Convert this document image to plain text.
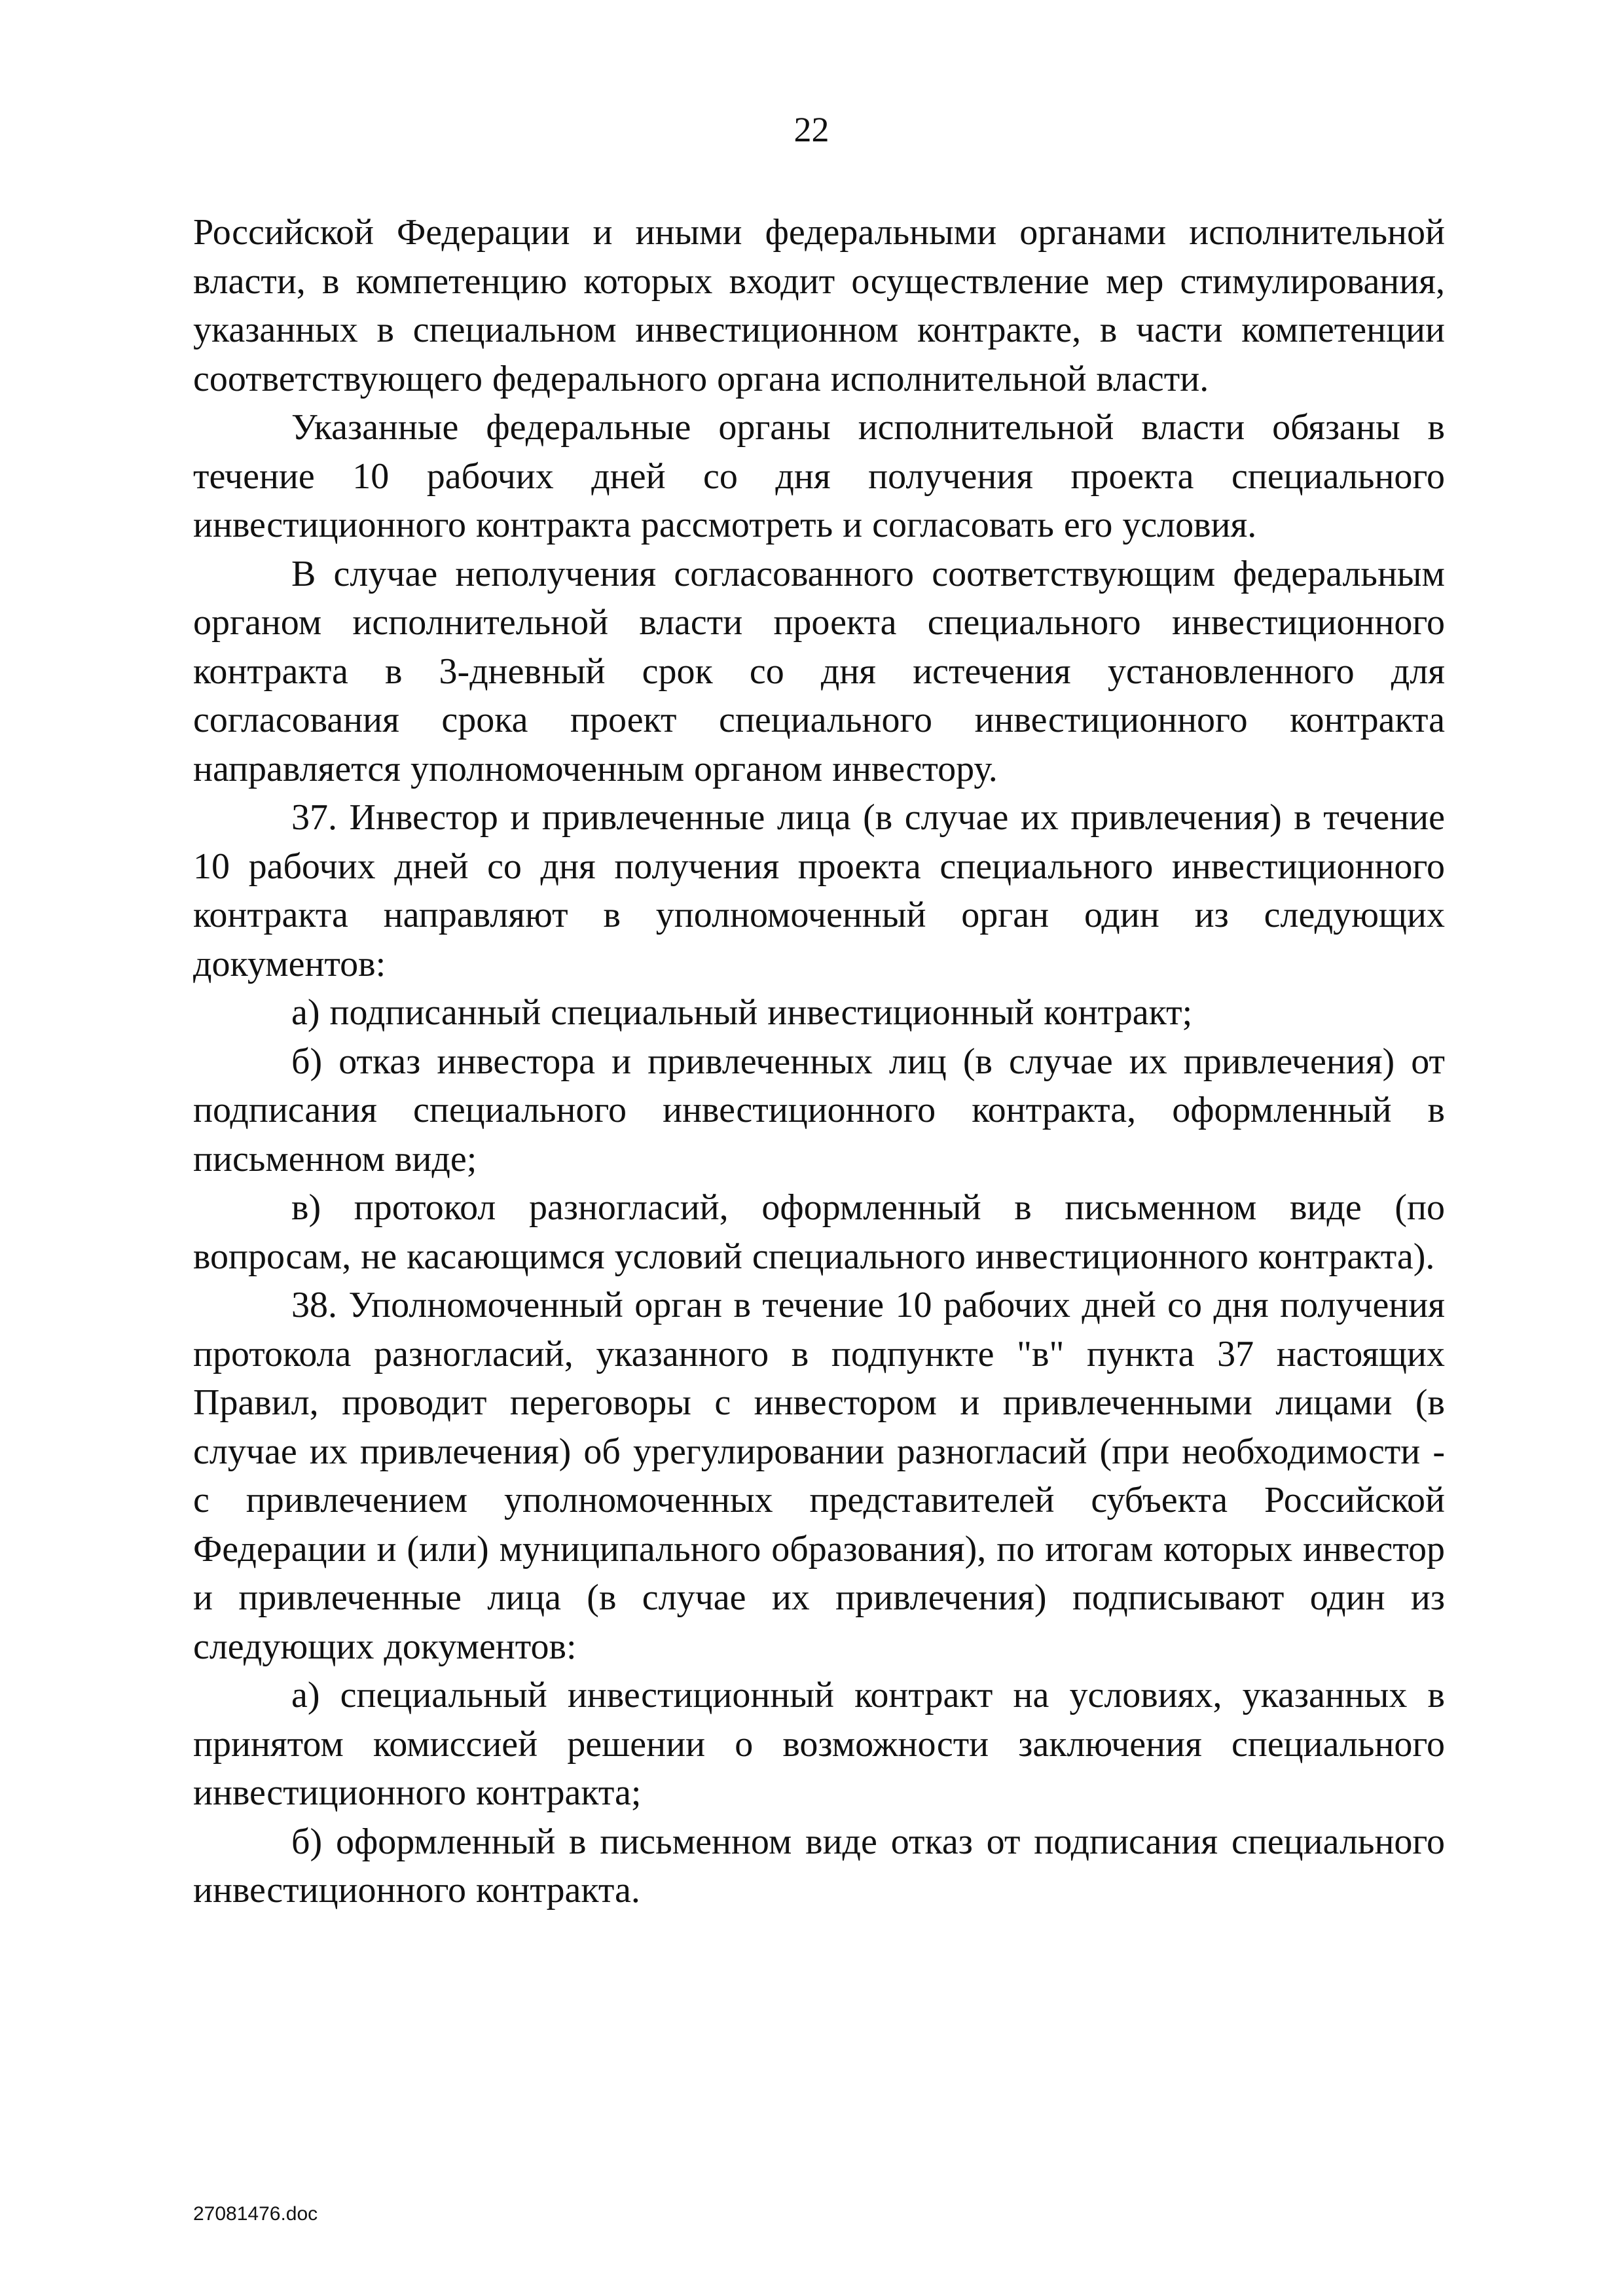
22

Российской Федерации и иными федеральными органами исполнительной власти, в компетенцию которых входит осуществление мер стимулирования, указанных в специальном инвестиционном контракте, в части компетенции соответствующего федерального органа исполнительной власти.

Указанные федеральные органы исполнительной власти обязаны в течение 10 рабочих дней со дня получения проекта специального инвестиционного контракта рассмотреть и согласовать его условия.

В случае неполучения согласованного соответствующим федеральным органом исполнительной власти проекта специального инвестиционного контракта в 3-дневный срок со дня истечения установленного для согласования срока проект специального инвестиционного контракта направляется уполномоченным органом инвестору.

37. Инвестор и привлеченные лица (в случае их привлечения) в течение 10 рабочих дней со дня получения проекта специального инвестиционного контракта направляют в уполномоченный орган один из следующих документов:

а) подписанный специальный инвестиционный контракт;

б) отказ инвестора и привлеченных лиц (в случае их привлечения) от подписания специального инвестиционного контракта, оформленный в письменном виде;

в) протокол разногласий, оформленный в письменном виде (по вопросам, не касающимся условий специального инвестиционного контракта).

38. Уполномоченный орган в течение 10 рабочих дней со дня получения протокола разногласий, указанного в подпункте "в" пункта 37 настоящих Правил, проводит переговоры с инвестором и привлеченными лицами (в случае их привлечения) об урегулировании разногласий (при необходимости - с привлечением уполномоченных представителей субъекта Российской Федерации и (или) муниципального образования), по итогам которых инвестор и привлеченные лица (в случае их привлечения) подписывают один из следующих документов:

а) специальный инвестиционный контракт на условиях, указанных в принятом комиссией решении о возможности заключения специального инвестиционного контракта;

б) оформленный в письменном виде отказ от подписания специального инвестиционного контракта.

27081476.doc
